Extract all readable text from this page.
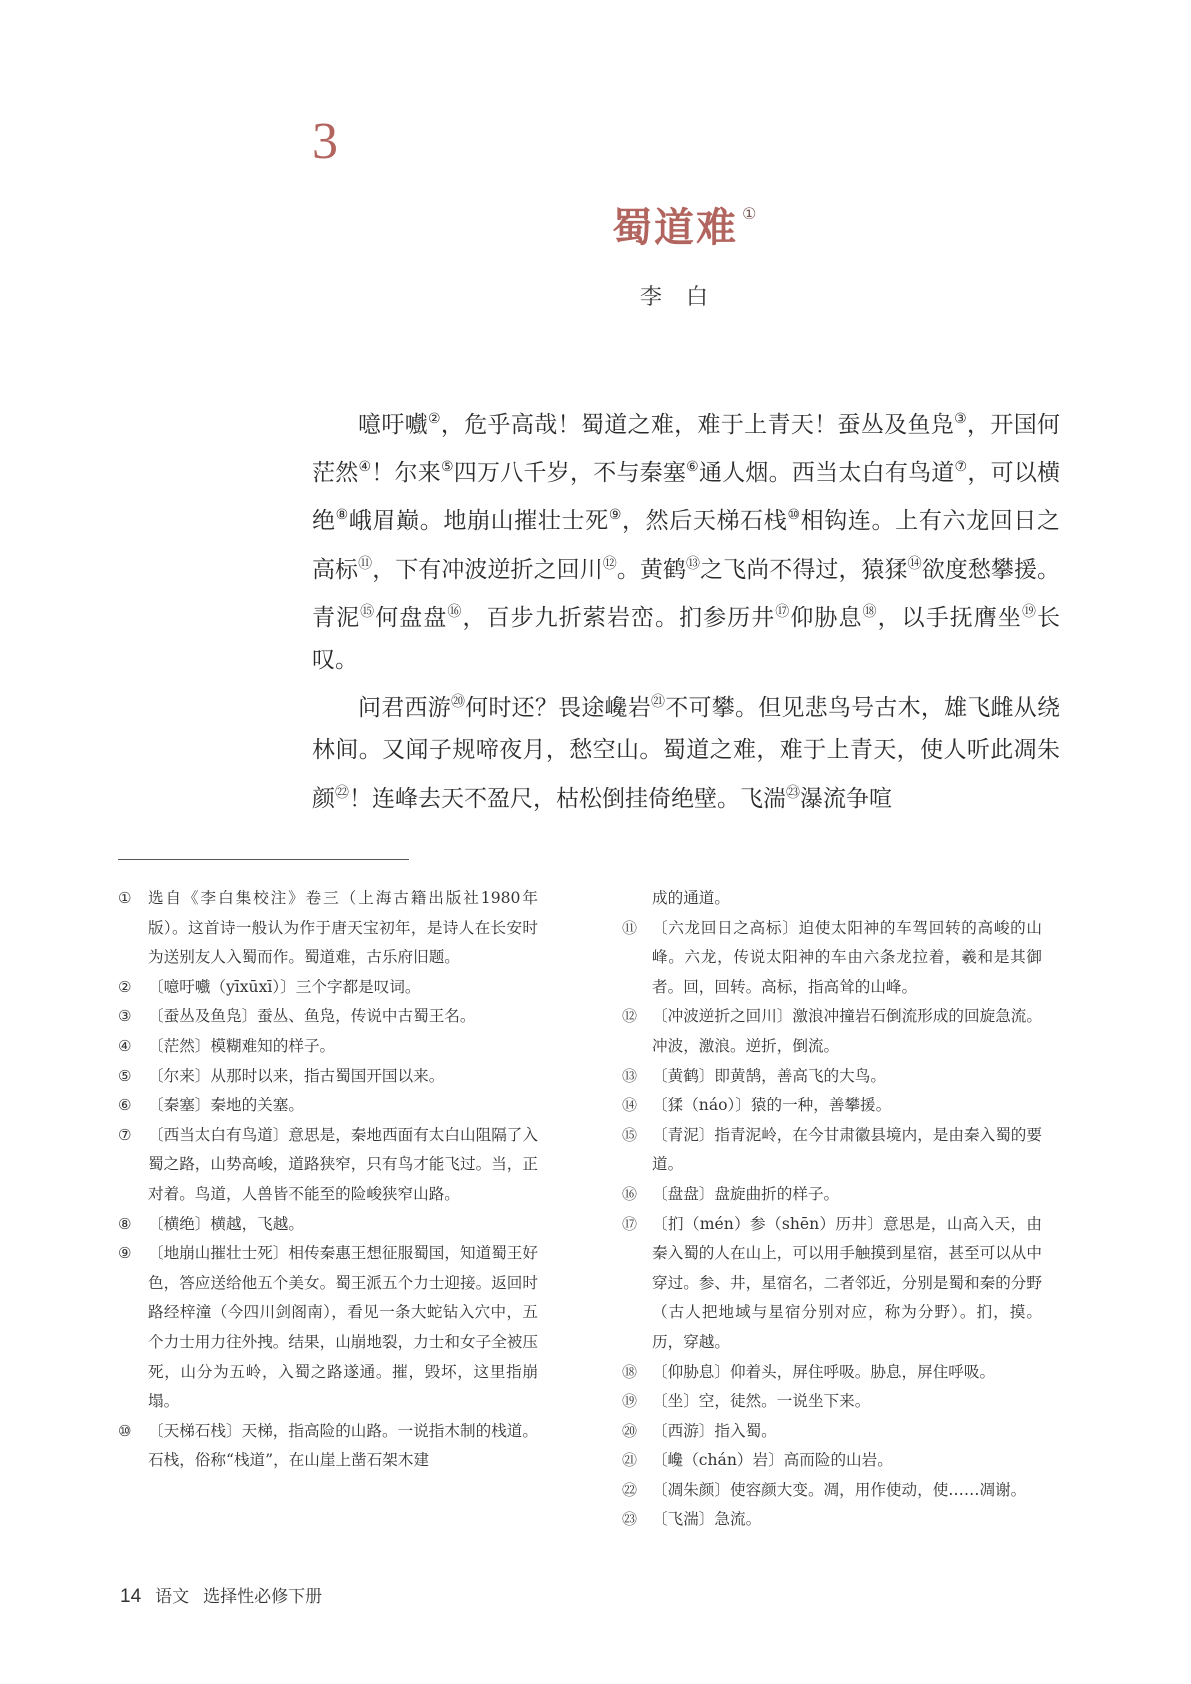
3
蜀道难 ①
李白

噫吁嚱②，危乎高哉！蜀道之难，难于上青天！蚕丛及鱼凫③，开国何茫然④！尔来⑤四万八千岁，不与秦塞⑥通人烟。西当太白有鸟道⑦，可以横绝⑧峨眉巅。地崩山摧壮士死⑨，然后天梯石栈⑩相钩连。上有六龙回日之高标⑪，下有冲波逆折之回川⑫。黄鹤⑬之飞尚不得过，猿猱⑭欲度愁攀援。青泥⑮何盘盘⑯，百步九折萦岩峦。扪参历井⑰仰胁息⑱，以手抚膺坐⑲长叹。

问君西游⑳何时还？畏途巉岩$^㉑$不可攀。但见悲鸟号古木，雄飞雌从绕林间。又闻子规啼夜月，愁空山。蜀道之难，难于上青天，使人听此凋朱颜$^㉒$！连峰去天不盈尺，枯松倒挂倚绝壁。飞湍$^㉓$瀑流争喧

①	选自《李白集校注》卷三（上海古籍出版社1980年版）。这首诗一般认为作于唐天宝初年，是诗人在长安时为送别友人入蜀而作。蜀道难，古乐府旧题。
②	〔噫吁嚱（yīxūxī）〕三个字都是叹词。
③	〔蚕丛及鱼凫〕蚕丛、鱼凫，传说中古蜀王名。
④	〔茫然〕模糊难知的样子。
⑤	〔尔来〕从那时以来，指古蜀国开国以来。
⑥	〔秦塞〕秦地的关塞。
⑦	〔西当太白有鸟道〕意思是，秦地西面有太白山阻隔了入蜀之路，山势高峻，道路狭窄，只有鸟才能飞过。当，正对着。鸟道，人兽皆不能至的险峻狭窄山路。
⑧	〔横绝〕横越，飞越。
⑨	〔地崩山摧壮士死〕相传秦惠王想征服蜀国，知道蜀王好色，答应送给他五个美女。蜀王派五个力士迎接。返回时路经梓潼（今四川剑阁南），看见一条大蛇钻入穴中，五个力士用力往外拽。结果，山崩地裂，力士和女子全被压死，山分为五岭，入蜀之路遂通。摧，毁坏，这里指崩塌。
⑩	〔天梯石栈〕天梯，指高险的山路。一说指木制的栈道。石栈，俗称“栈道”，在山崖上凿石架木建
成的通道。
⑪ 〔六龙回日之高标〕迫使太阳神的车驾回转的高峻的山峰。六龙，传说太阳神的车由六条龙拉着，羲和是其御者。回，回转。高标，指高耸的山峰。
⑫ 〔冲波逆折之回川〕激浪冲撞岩石倒流形成的回旋急流。冲波，激浪。逆折，倒流。
⑬ 〔黄鹤〕即黄鹄，善高飞的大鸟。
⑭ 〔猱（náo）〕猿的一种，善攀援。
⑮ 〔青泥〕指青泥岭，在今甘肃徽县境内，是由秦入蜀的要道。
⑯ 〔盘盘〕盘旋曲折的样子。
⑰ 〔扪（mén）参（shēn）历井〕意思是，山高入天，由秦入蜀的人在山上，可以用手触摸到星宿，甚至可以从中穿过。参、井，星宿名，二者邻近，分别是蜀和秦的分野（古人把地域与星宿分别对应，称为分野）。扪，摸。历，穿越。
⑱ 〔仰胁息〕仰着头，屏住呼吸。胁息，屏住呼吸。
⑲ 〔坐〕空，徒然。一说坐下来。
⑳ 〔西游〕指入蜀。
㉑ 〔巉（chán）岩〕高而险的山岩。
㉒ 〔凋朱颜〕使容颜大变。凋，用作使动，使……凋谢。
㉓ 〔飞湍〕急流。
14 语文 选择性必修下册
